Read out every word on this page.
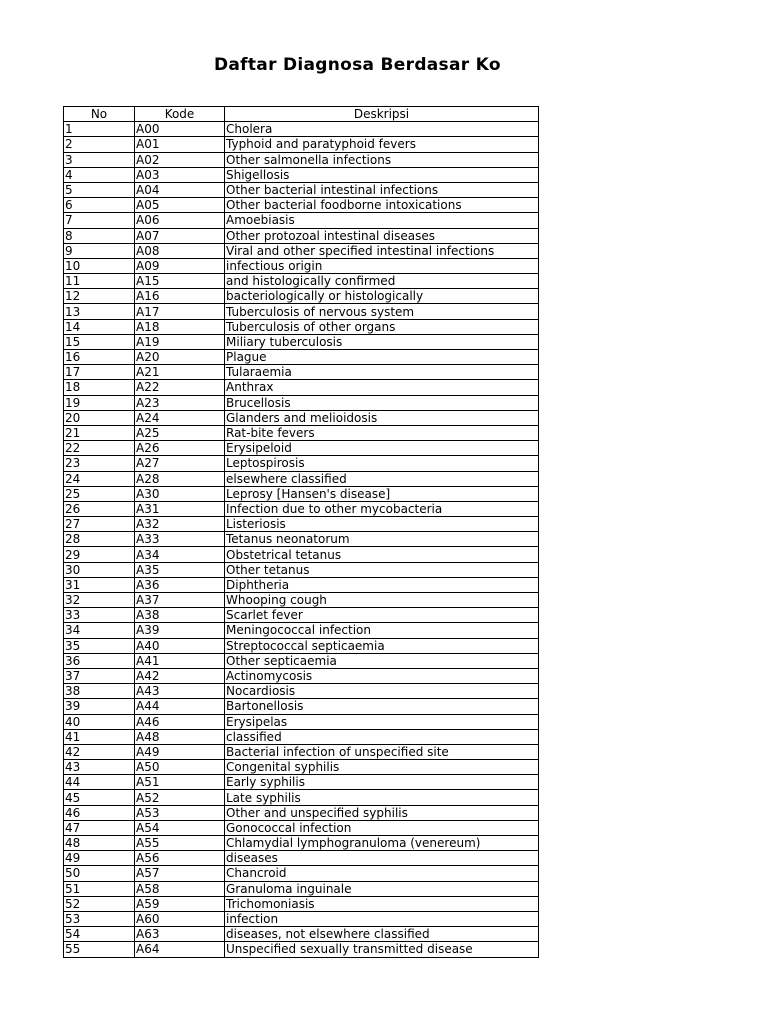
Daftar Diagnosa Berdasar Ko
No	Kode	Deskripsi
1	A00	Cholera
2	A01	Typhoid and paratyphoid fevers
3	A02	Other salmonella infections
4	A03	Shigellosis
5	A04	Other bacterial intestinal infections
6	A05	Other bacterial foodborne intoxications
7	A06	Amoebiasis
8	A07	Other protozoal intestinal diseases
9	A08	Viral and other specified intestinal infections
10	A09	infectious origin
11	A15	and histologically confirmed
12	A16	bacteriologically or histologically
13	A17	Tuberculosis of nervous system
14	A18	Tuberculosis of other organs
15	A19	Miliary tuberculosis
16	A20	Plague
17	A21	Tularaemia
18	A22	Anthrax
19	A23	Brucellosis
20	A24	Glanders and melioidosis
21	A25	Rat-bite fevers
22	A26	Erysipeloid
23	A27	Leptospirosis
24	A28	elsewhere classified
25	A30	Leprosy [Hansen's disease]
26	A31	Infection due to other mycobacteria
27	A32	Listeriosis
28	A33	Tetanus neonatorum
29	A34	Obstetrical tetanus
30	A35	Other tetanus
31	A36	Diphtheria
32	A37	Whooping cough
33	A38	Scarlet fever
34	A39	Meningococcal infection
35	A40	Streptococcal septicaemia
36	A41	Other septicaemia
37	A42	Actinomycosis
38	A43	Nocardiosis
39	A44	Bartonellosis
40	A46	Erysipelas
41	A48	classified
42	A49	Bacterial infection of unspecified site
43	A50	Congenital syphilis
44	A51	Early syphilis
45	A52	Late syphilis
46	A53	Other and unspecified syphilis
47	A54	Gonococcal infection
48	A55	Chlamydial lymphogranuloma (venereum)
49	A56	diseases
50	A57	Chancroid
51	A58	Granuloma inguinale
52	A59	Trichomoniasis
53	A60	infection
54	A63	diseases, not elsewhere classified
55	A64	Unspecified sexually transmitted disease
